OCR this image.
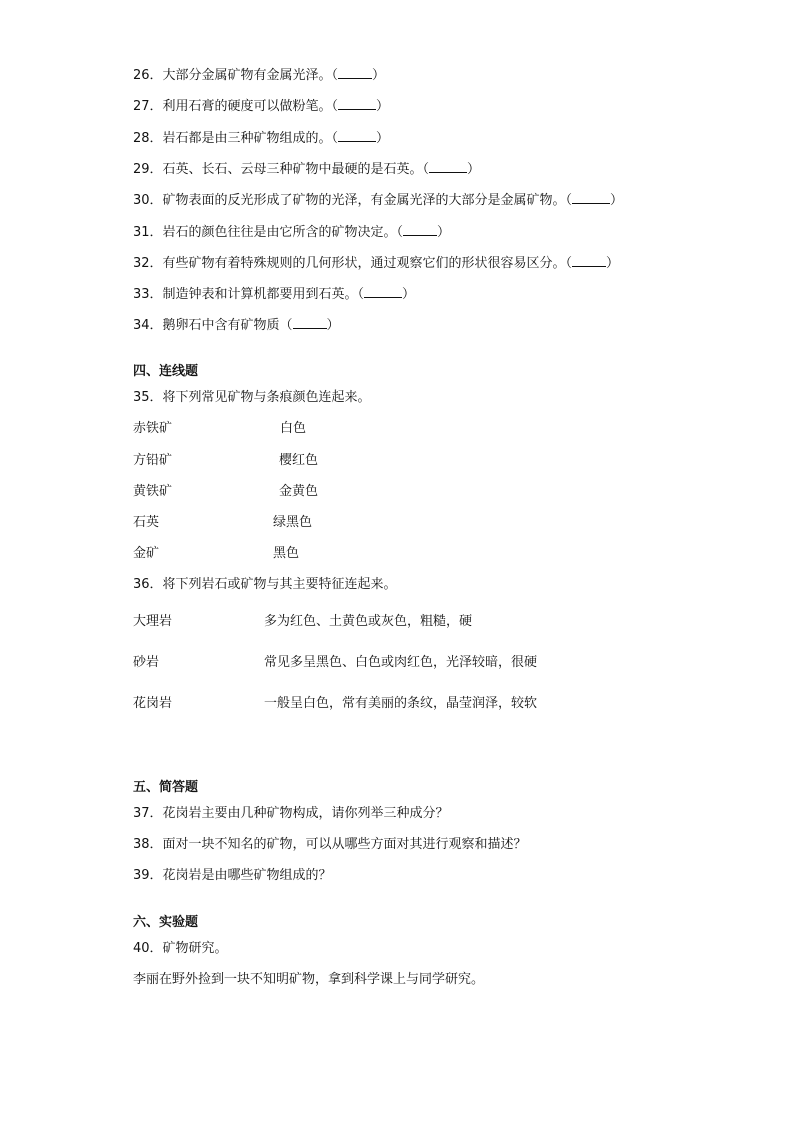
26．大部分金属矿物有金属光泽。（	）
27．利用石膏的硬度可以做粉笔。（	）
28．岩石都是由三种矿物组成的。（	）
29．石英、长石、云母三种矿物中最硬的是石英。（	）
30．矿物表面的反光形成了矿物的光泽，有金属光泽的大部分是金属矿物。（	）
31．岩石的颜色往往是由它所含的矿物决定。（	）
32．有些矿物有着特殊规则的几何形状，通过观察它们的形状很容易区分。（	）
33．制造钟表和计算机都要用到石英。（	）
34．鹅卵石中含有矿物质（	）
四、连线题
35．将下列常见矿物与条痕颜色连起来。
赤铁矿	白色
方铅矿	樱红色
黄铁矿	金黄色
石英	绿黑色
金矿	黑色
36．将下列岩石或矿物与其主要特征连起来。
大理岩	多为红色、土黄色或灰色，粗糙，硬
砂岩	常见多呈黑色、白色或肉红色，光泽较暗，很硬
花岗岩	一般呈白色，常有美丽的条纹，晶莹润泽，较软
五、简答题
37．花岗岩主要由几种矿物构成，请你列举三种成分？
38．面对一块不知名的矿物，可以从哪些方面对其进行观察和描述？
39．花岗岩是由哪些矿物组成的？
六、实验题
40．矿物研究。
李丽在野外捡到一块不知明矿物，拿到科学课上与同学研究。
